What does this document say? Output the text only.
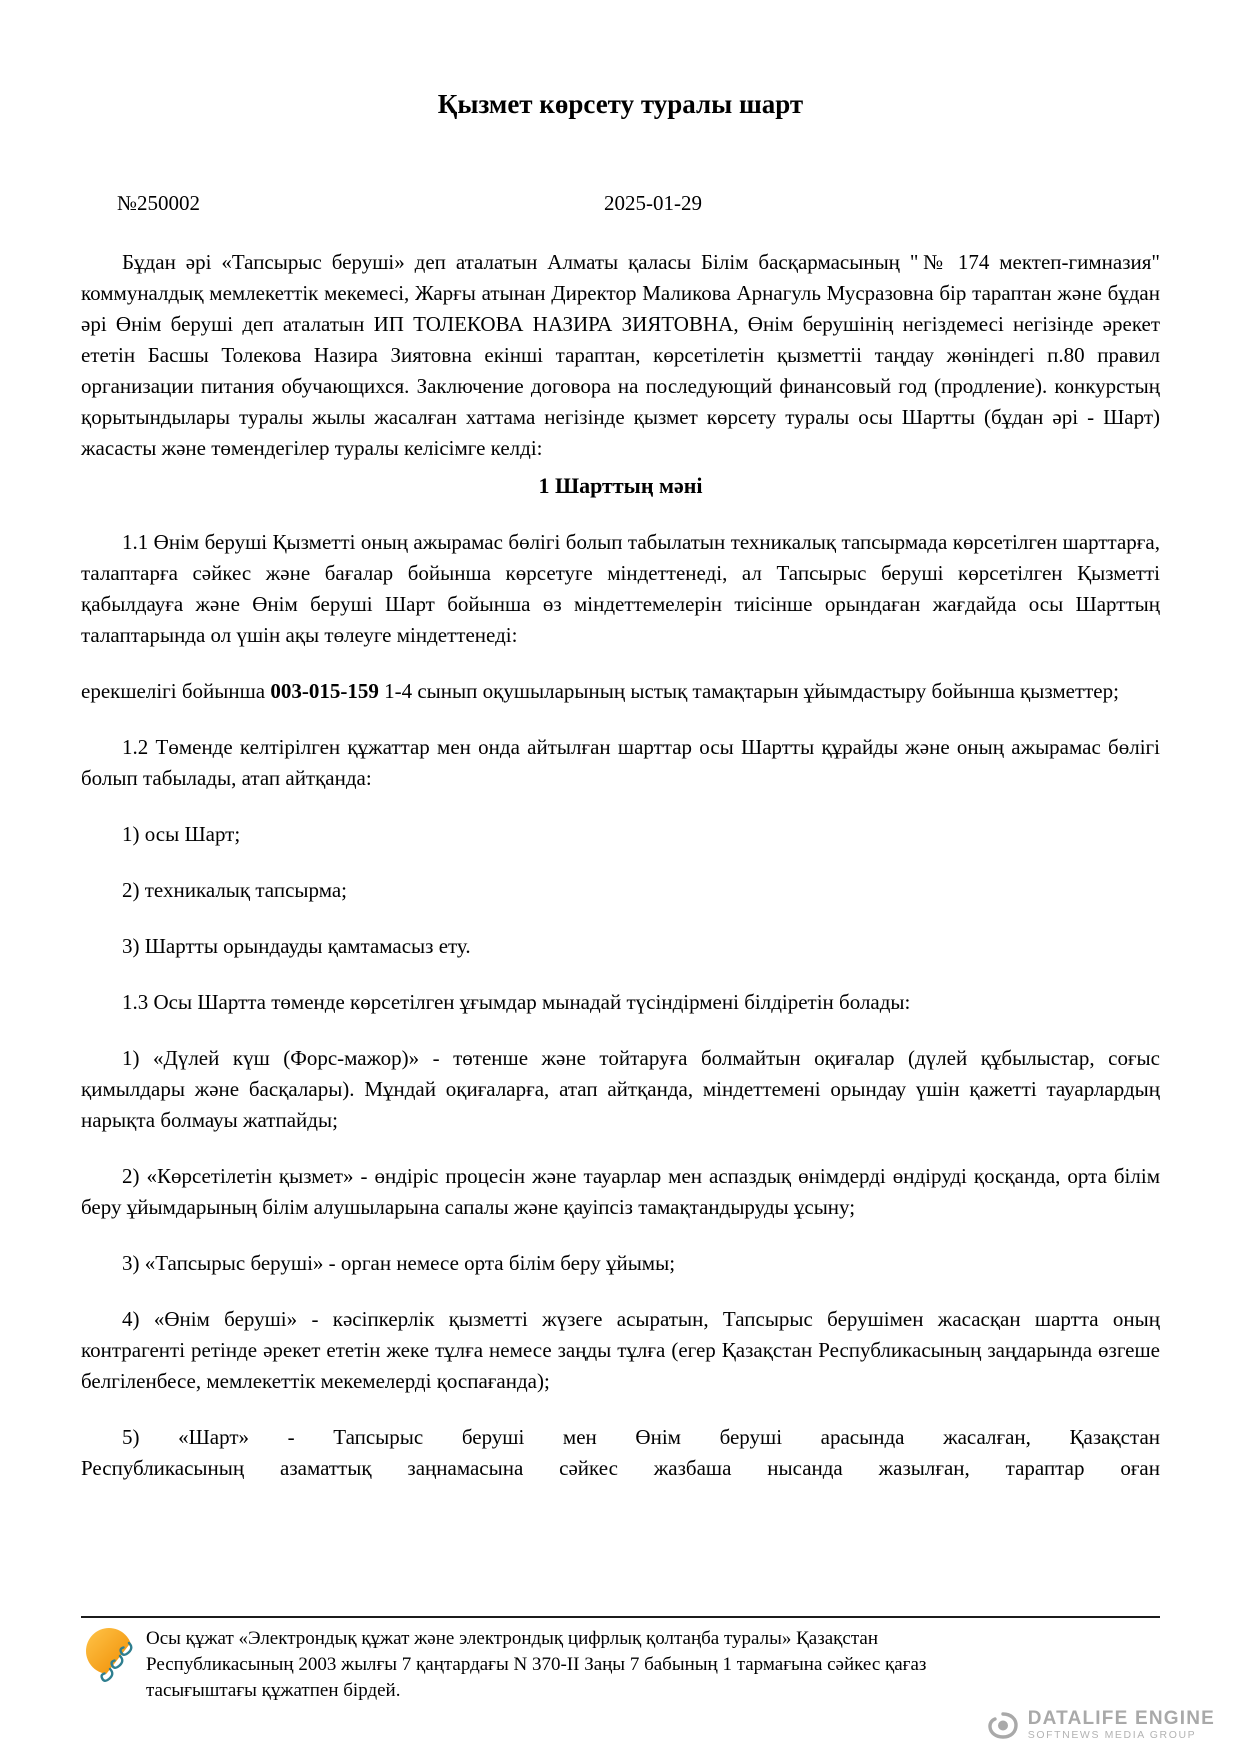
Қызмет көрсету туралы шарт
№250002	2025-01-29

Бұдан әрі «Тапсырыс беруші» деп аталатын Алматы қаласы Білім басқармасының "№ 174 мектеп-гимназия" коммуналдық мемлекеттік мекемесі, Жарғы атынан Директор Маликова Арнагуль Мусразовна бір тараптан және бұдан әрі Өнім беруші деп аталатын ИП ТОЛЕКОВА НАЗИРА ЗИЯТОВНА, Өнім берушінің негіздемесі негізінде әрекет ететін Басшы Толекова Назира Зиятовна екінші тараптан, көрсетілетін қызметтіі таңдау жөніндегі п.80 правил организации питания обучающихся. Заключение договора на последующий финансовый год (продление). конкурстың қорытындылары туралы жылы жасалған хаттама негізінде қызмет көрсету туралы осы Шартты (бұдан әрі - Шарт) жасасты және төмендегілер туралы келісімге келді:

1 Шарттың мәні

1.1 Өнім беруші Қызметті оның ажырамас бөлігі болып табылатын техникалық тапсырмада көрсетілген шарттарға, талаптарға сәйкес және бағалар бойынша көрсетуге міндеттенеді, ал Тапсырыс беруші көрсетілген Қызметті қабылдауға және Өнім беруші Шарт бойынша өз міндеттемелерін тиісінше орындаған жағдайда осы Шарттың талаптарында ол үшін ақы төлеуге міндеттенеді:

ерекшелігі бойынша 003-015-159 1-4 сынып оқушыларының ыстық тамақтарын ұйымдастыру бойынша қызметтер;

1.2 Төменде келтірілген құжаттар мен онда айтылған шарттар осы Шартты құрайды және оның ажырамас бөлігі болып табылады, атап айтқанда:

1) осы Шарт;

2) техникалық тапсырма;

3) Шартты орындауды қамтамасыз ету.

1.3 Осы Шартта төменде көрсетілген ұғымдар мынадай түсіндірмені білдіретін болады:

1) «Дүлей күш (Форс-мажор)» - төтенше және тойтаруға болмайтын оқиғалар (дүлей құбылыстар, соғыс қимылдары және басқалары). Мұндай оқиғаларға, атап айтқанда, міндеттемені орындау үшін қажетті тауарлардың нарықта болмауы жатпайды;

2) «Көрсетілетін қызмет» - өндіріс процесін және тауарлар мен аспаздық өнімдерді өндіруді қосқанда, орта білім беру ұйымдарының білім алушыларына сапалы және қауіпсіз тамақтандыруды ұсыну;

3) «Тапсырыс беруші» - орган немесе орта білім беру ұйымы;

4) «Өнім беруші» - кәсіпкерлік қызметті жүзеге асыратын, Тапсырыс берушімен жасасқан шартта оның контрагенті ретінде әрекет ететін жеке тұлға немесе заңды тұлға (егер Қазақстан Республикасының заңдарында өзгеше белгіленбесе, мемлекеттік мекемелерді қоспағанда);

5) «Шарт» - Тапсырыс беруші мен Өнім беруші арасында жасалған, Қазақстан
Республикасының азаматтық заңнамасына сәйкес жазбаша нысанда жазылған, тараптар оған

Осы құжат «Электрондық құжат және электрондық цифрлық қолтаңба туралы» Қазақстан
Республикасының 2003 жылғы 7 қаңтардағы N 370-II Заңы 7 бабының 1 тармағына сәйкес қағаз
тасығыштағы құжатпен бірдей.
DATALIFE ENGINE
SOFTNEWS MEDIA GROUP
